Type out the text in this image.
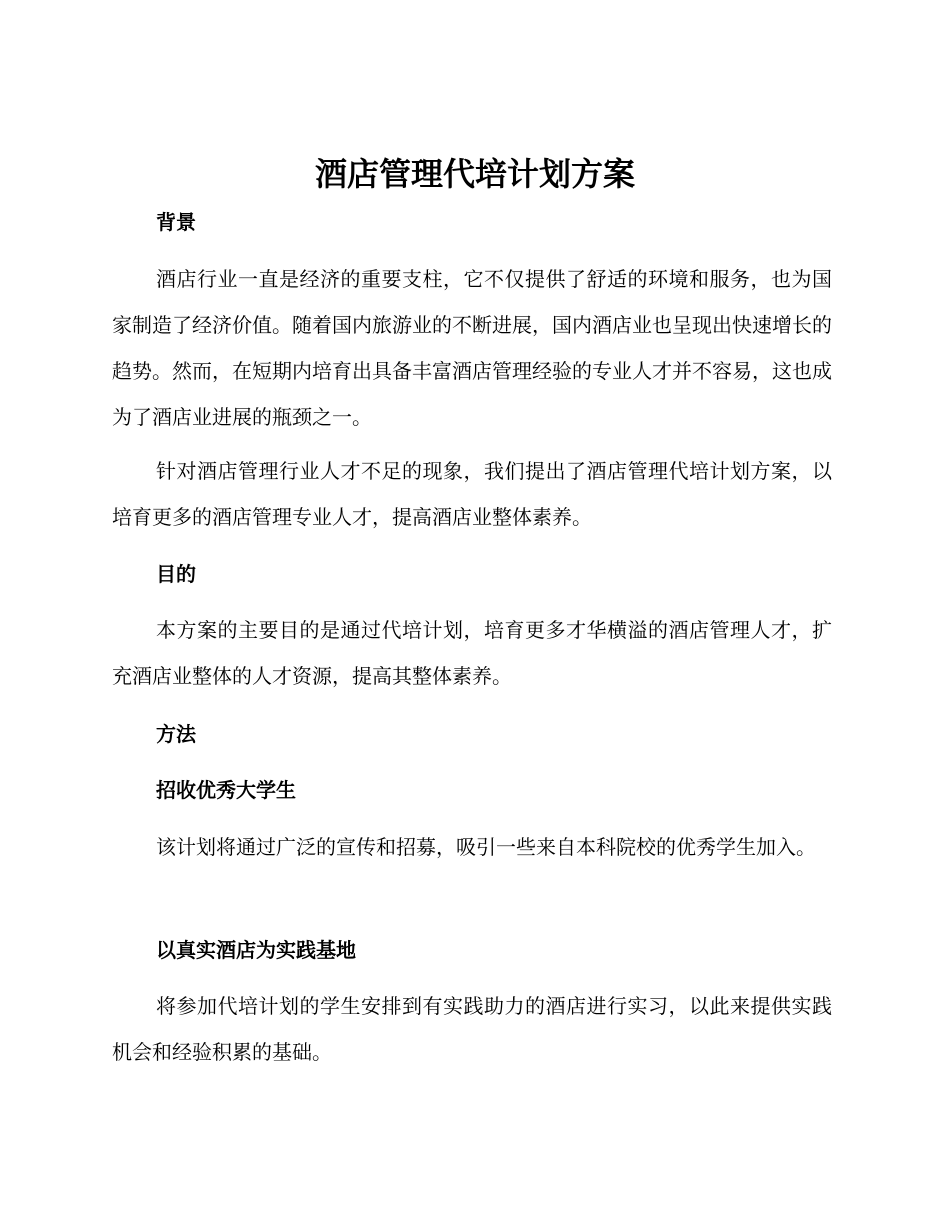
酒店管理代培计划方案
背景

酒店行业一直是经济的重要支柱，它不仅提供了舒适的环境和服务，也为国家制造了经济价值。随着国内旅游业的不断进展，国内酒店业也呈现出快速增长的趋势。然而，在短期内培育出具备丰富酒店管理经验的专业人才并不容易，这也成为了酒店业进展的瓶颈之一。

针对酒店管理行业人才不足的现象，我们提出了酒店管理代培计划方案，以培育更多的酒店管理专业人才，提高酒店业整体素养。

目的

本方案的主要目的是通过代培计划，培育更多才华横溢的酒店管理人才，扩充酒店业整体的人才资源，提高其整体素养。

方法
招收优秀大学生

该计划将通过广泛的宣传和招募，吸引一些来自本科院校的优秀学生加入。

以真实酒店为实践基地

将参加代培计划的学生安排到有实践助力的酒店进行实习，以此来提供实践机会和经验积累的基础。
